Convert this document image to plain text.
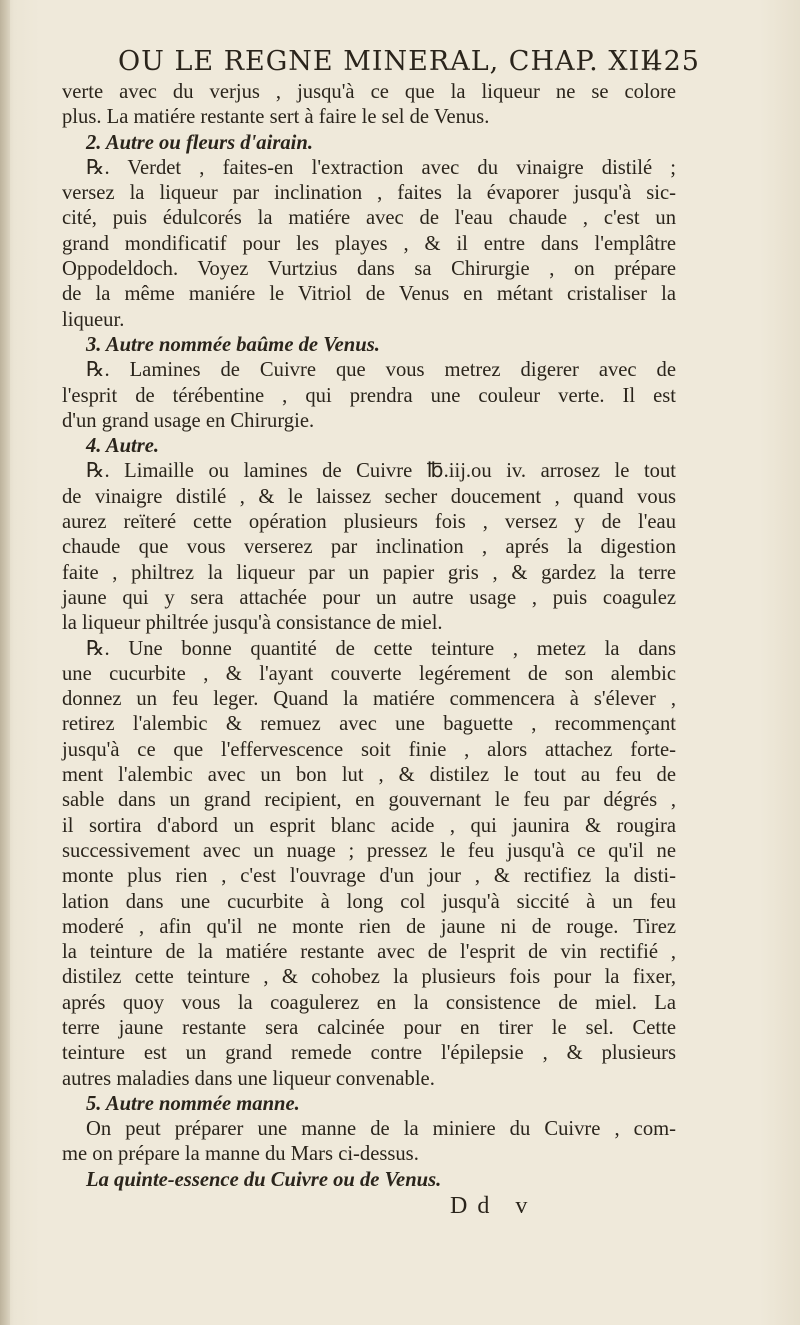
OU LE REGNE MINERAL, CHAP. XII.
425
verte avec du verjus , jusqu'à ce que la liqueur ne se colore
plus. La matiére restante sert à faire le sel de Venus.
2. Autre ou fleurs d'airain.
℞. Verdet , faites-en l'extraction avec du vinaigre distilé ;
versez la liqueur par inclination , faites la évaporer jusqu'à sic-
cité, puis édulcorés la matiére avec de l'eau chaude , c'est un
grand mondificatif pour les playes , & il entre dans l'emplâtre
Oppodeldoch. Voyez Vurtzius dans sa Chirurgie , on prépare
de la même maniére le Vitriol de Venus en métant cristaliser la
liqueur.
3. Autre nommée baûme de Venus.
℞. Lamines de Cuivre que vous metrez digerer avec de
l'esprit de térébentine , qui prendra une couleur verte. Il est
d'un grand usage en Chirurgie.
4. Autre.
℞. Limaille ou lamines de Cuivre ℔.iij.ou iv. arrosez le tout
de vinaigre distilé , & le laissez secher doucement , quand vous
aurez reïteré cette opération plusieurs fois , versez y de l'eau
chaude que vous verserez par inclination , aprés la digestion
faite , philtrez la liqueur par un papier gris , & gardez la terre
jaune qui y sera attachée pour un autre usage , puis coagulez
la liqueur philtrée jusqu'à consistance de miel.
℞. Une bonne quantité de cette teinture , metez la dans
une cucurbite , & l'ayant couverte legérement de son alembic
donnez un feu leger. Quand la matiére commencera à s'élever ,
retirez l'alembic & remuez avec une baguette , recommençant
jusqu'à ce que l'effervescence soit finie , alors attachez forte-
ment l'alembic avec un bon lut , & distilez le tout au feu de
sable dans un grand recipient, en gouvernant le feu par dégrés ,
il sortira d'abord un esprit blanc acide , qui jaunira & rougira
successivement avec un nuage ; pressez le feu jusqu'à ce qu'il ne
monte plus rien , c'est l'ouvrage d'un jour , & rectifiez la disti-
lation dans une cucurbite à long col jusqu'à siccité à un feu
moderé , afin qu'il ne monte rien de jaune ni de rouge. Tirez
la teinture de la matiére restante avec de l'esprit de vin rectifié ,
distilez cette teinture , & cohobez la plusieurs fois pour la fixer,
aprés quoy vous la coagulerez en la consistence de miel. La
terre jaune restante sera calcinée pour en tirer le sel. Cette
teinture est un grand remede contre l'épilepsie , & plusieurs
autres maladies dans une liqueur convenable.
5. Autre nommée manne.
On peut préparer une manne de la miniere du Cuivre , com-
me on prépare la manne du Mars ci-dessus.
La quinte-essence du Cuivre ou de Venus.
Dd v
